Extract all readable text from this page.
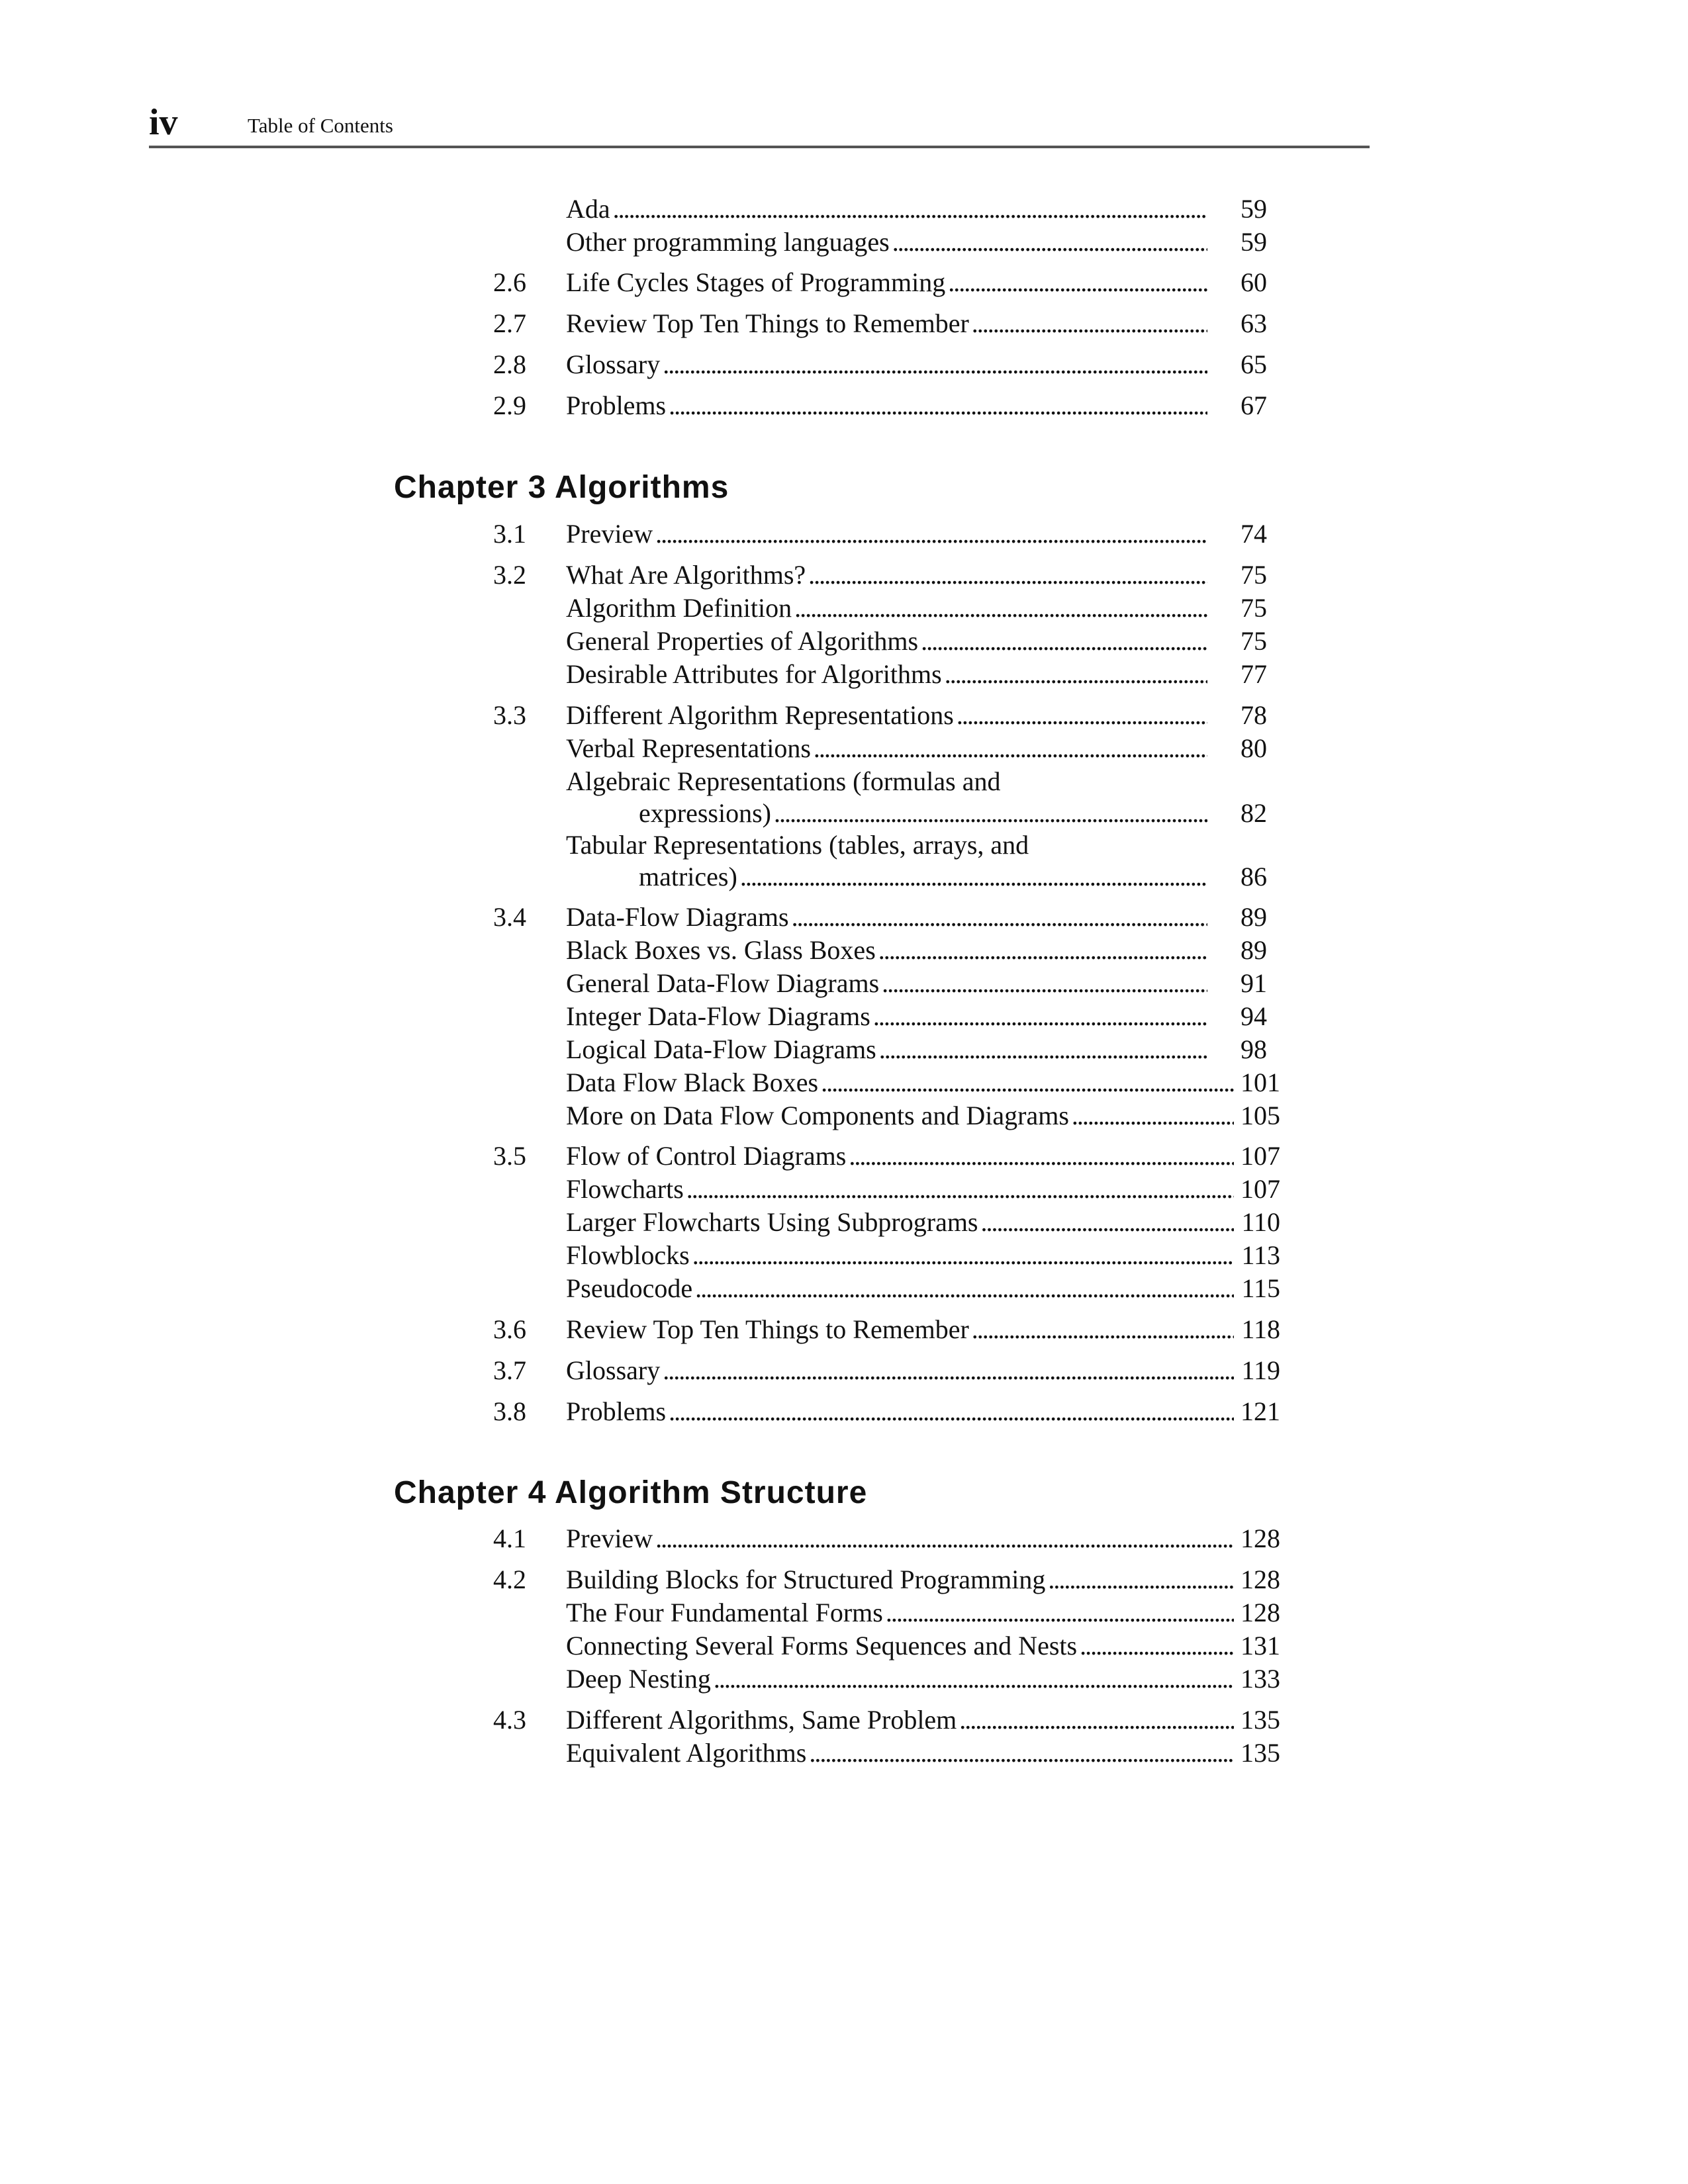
iv	Table of Contents
Ada . . .	59
Other programming languages . . .	59
2.6	Life Cycles Stages of Programming . . .	60
2.7	Review Top Ten Things to Remember . . .	63
2.8	Glossary . . .	65
2.9	Problems . . .	67
Chapter 3 Algorithms
3.1	Preview . . .	74
3.2	What Are Algorithms? . . .	75
Algorithm Definition . . .	75
General Properties of Algorithms . . .	75
Desirable Attributes for Algorithms . . .	77
3.3	Different Algorithm Representations . . .	78
Verbal Representations . . .	80
Algebraic Representations (formulas and
expressions) . . .	82
Tabular Representations (tables, arrays, and
matrices) . . .	86
3.4	Data-Flow Diagrams . . .	89
Black Boxes vs. Glass Boxes . . .	89
General Data-Flow Diagrams . . .	91
Integer Data-Flow Diagrams . . .	94
Logical Data-Flow Diagrams . . .	98
Data Flow Black Boxes . . .	101
More on Data Flow Components and Diagrams . . .	105
3.5	Flow of Control Diagrams . . .	107
Flowcharts . . .	107
Larger Flowcharts Using Subprograms . . .	110
Flowblocks . . .	113
Pseudocode . . .	115
3.6	Review Top Ten Things to Remember . . .	118
3.7	Glossary . . .	119
3.8	Problems . . .	121
Chapter 4 Algorithm Structure
4.1	Preview . . .	128
4.2	Building Blocks for Structured Programming . . .	128
The Four Fundamental Forms . . .	128
Connecting Several Forms Sequences and Nests . . .	131
Deep Nesting . . .	133
4.3	Different Algorithms, Same Problem . . .	135
Equivalent Algorithms . . .	135
